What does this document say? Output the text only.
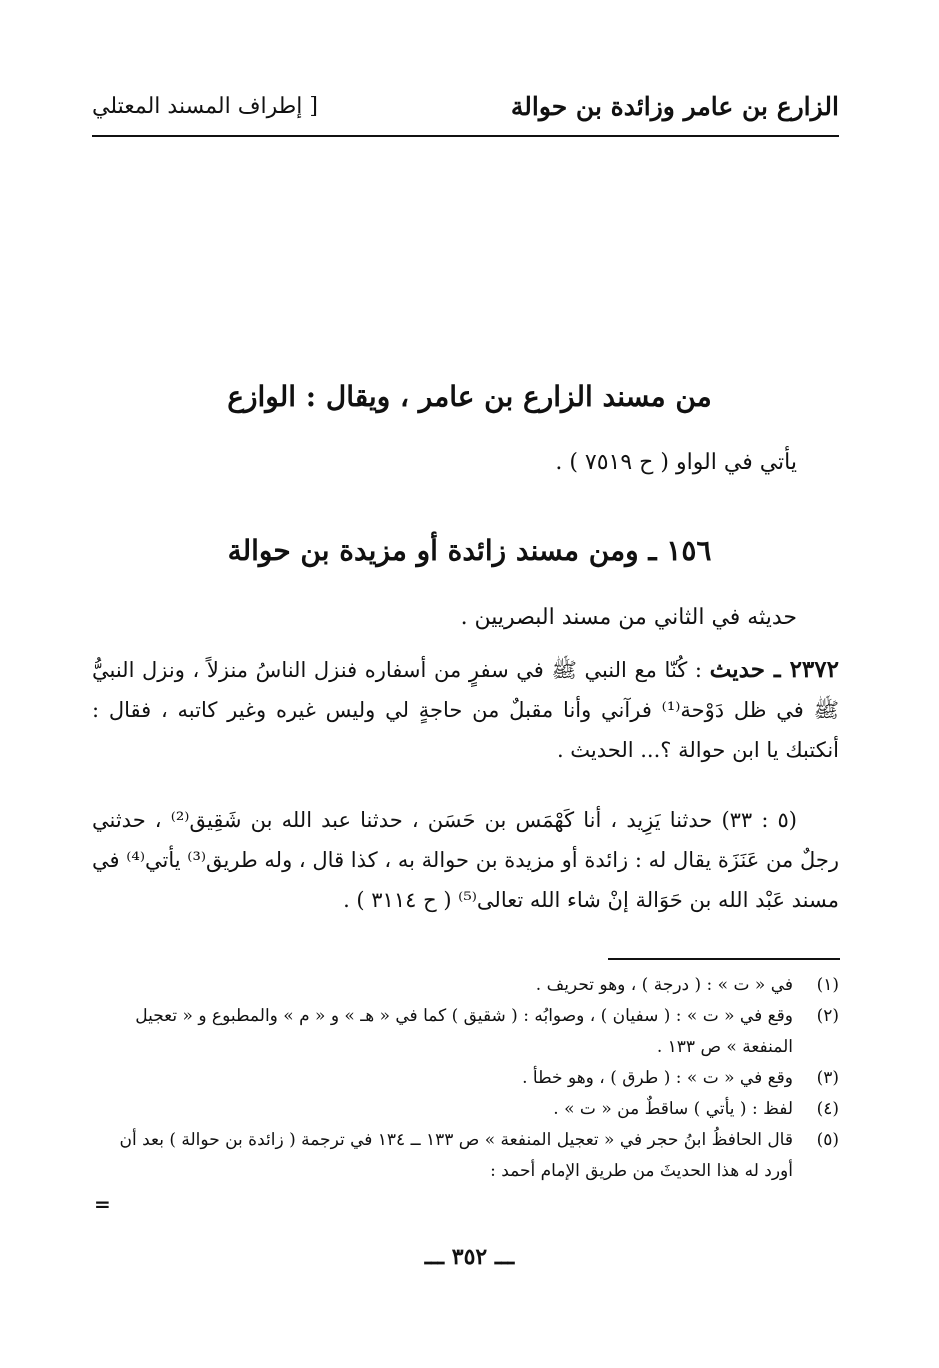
الزارع بن عامر وزائدة بن حوالة
[ إطراف المسند المعتلي
من مسند الزارع بن عامر ، ويقال : الوازع
يأتي في الواو ( ح ٧٥١٩ ) .
١٥٦ ـ ومن مسند زائدة أو مزيدة بن حوالة
حديثه في الثاني من مسند البصريين .
٢٣٧٢ ـ حديث : كُنّا مع النبي ﷺ في سفرٍ من أسفاره فنزل الناسُ منزلاً ، ونزل النبيُّ ﷺ في ظل دَوْحة⁽¹⁾ فرآني وأنا مقبلٌ من حاجةٍ لي وليس غيره وغير كاتبه ، فقال : أنكتبك يا ابن حوالة ؟... الحديث .
(٥ : ٣٣) حدثنا يَزِيد ، أنا كَهْمَس بن حَسَن ، حدثنا عبد الله بن شَقِيق⁽²⁾ ، حدثني رجلٌ من عَنَزَة يقال له : زائدة أو مزيدة بن حوالة به ، كذا قال ، وله طريق⁽³⁾ يأتي⁽⁴⁾ في مسند عَبْد الله بن حَوَالة إنْ شاء الله تعالى⁽⁵⁾ ( ح ٣١١٤ ) .
(١)
في « ت » : ( درجة ) ، وهو تحريف .
(٢)
وقع في « ت » : ( سفيان ) ، وصوابُه : ( شقيق ) كما في « هـ » و « م » والمطبوع و « تعجيل المنفعة » ص ١٣٣ .
(٣)
وقع في « ت » : ( طرق ) ، وهو خطأ .
(٤)
لفظ : ( يأتي ) ساقطٌ من « ت » .
(٥)
قال الحافظُ ابنُ حجر في « تعجيل المنفعة » ص ١٣٣ ــ ١٣٤ في ترجمة ( زائدة بن حوالة ) بعد أن أورد له هذا الحديثَ من طريق الإمام أحمد :
=
ـــ ٣٥٢ ـــ
